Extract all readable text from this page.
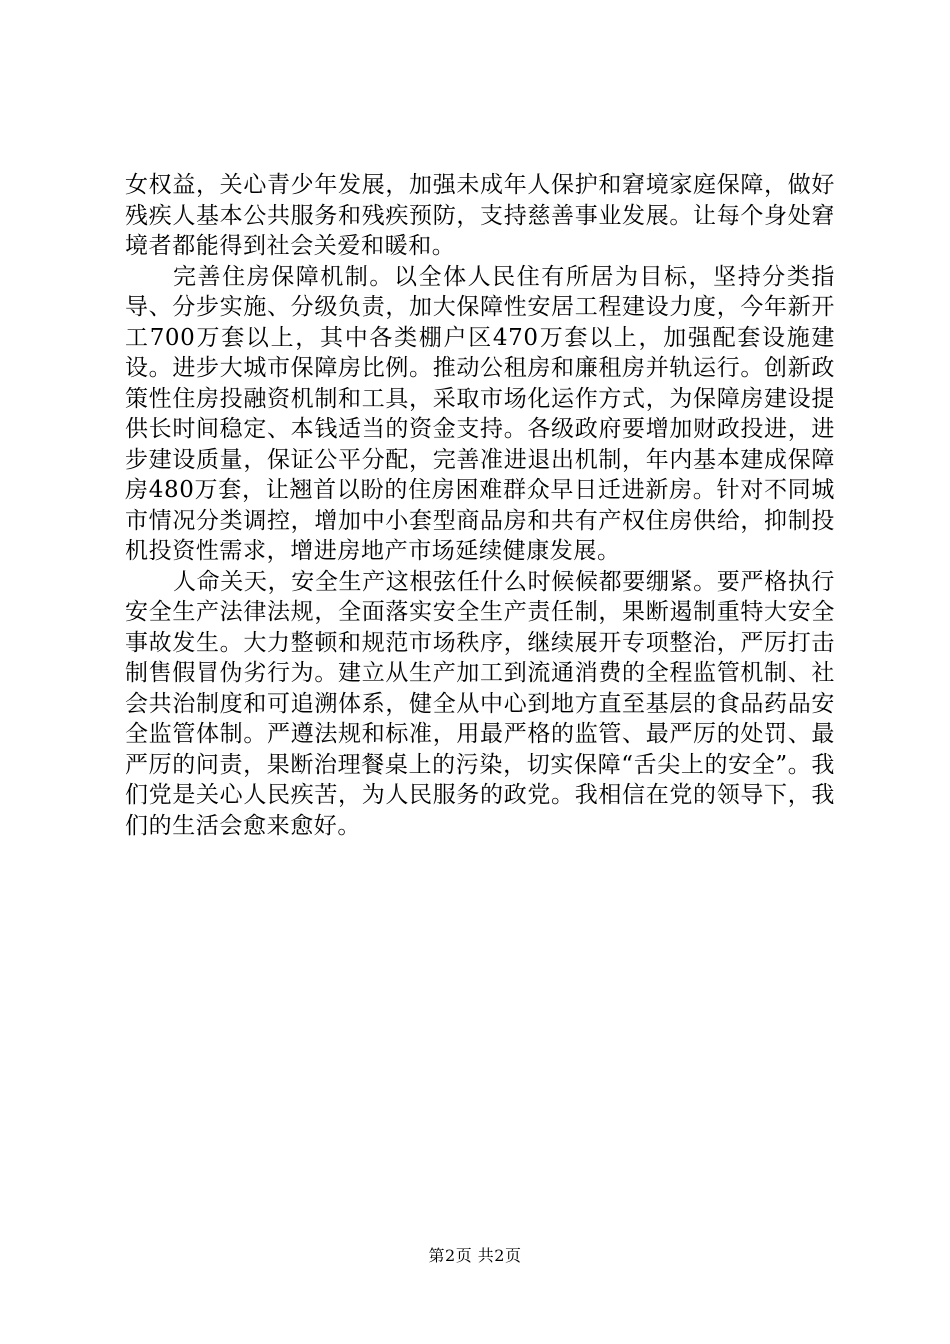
女权益，关心青少年发展，加强未成年人保护和窘境家庭保障，做好残疾人基本公共服务和残疾预防，支持慈善事业发展。让每个身处窘境者都能得到社会关爱和暖和。

完善住房保障机制。以全体人民住有所居为目标，坚持分类指导、分步实施、分级负责，加大保障性安居工程建设力度，今年新开工700万套以上，其中各类棚户区470万套以上，加强配套设施建设。进步大城市保障房比例。推动公租房和廉租房并轨运行。创新政策性住房投融资机制和工具，采取市场化运作方式，为保障房建设提供长时间稳定、本钱适当的资金支持。各级政府要增加财政投进，进步建设质量，保证公平分配，完善准进退出机制，年内基本建成保障房480万套，让翘首以盼的住房困难群众早日迁进新房。针对不同城市情况分类调控，增加中小套型商品房和共有产权住房供给，抑制投机投资性需求，增进房地产市场延续健康发展。

人命关天，安全生产这根弦任什么时候候都要绷紧。要严格执行安全生产法律法规，全面落实安全生产责任制，果断遏制重特大安全事故发生。大力整顿和规范市场秩序，继续展开专项整治，严厉打击制售假冒伪劣行为。建立从生产加工到流通消费的全程监管机制、社会共治制度和可追溯体系，健全从中心到地方直至基层的食品药品安全监管体制。严遵法规和标准，用最严格的监管、最严厉的处罚、最严厉的问责，果断治理餐桌上的污染，切实保障“舌尖上的安全”。我们党是关心人民疾苦，为人民服务的政党。我相信在党的领导下，我们的生活会愈来愈好。

第2页 共2页
